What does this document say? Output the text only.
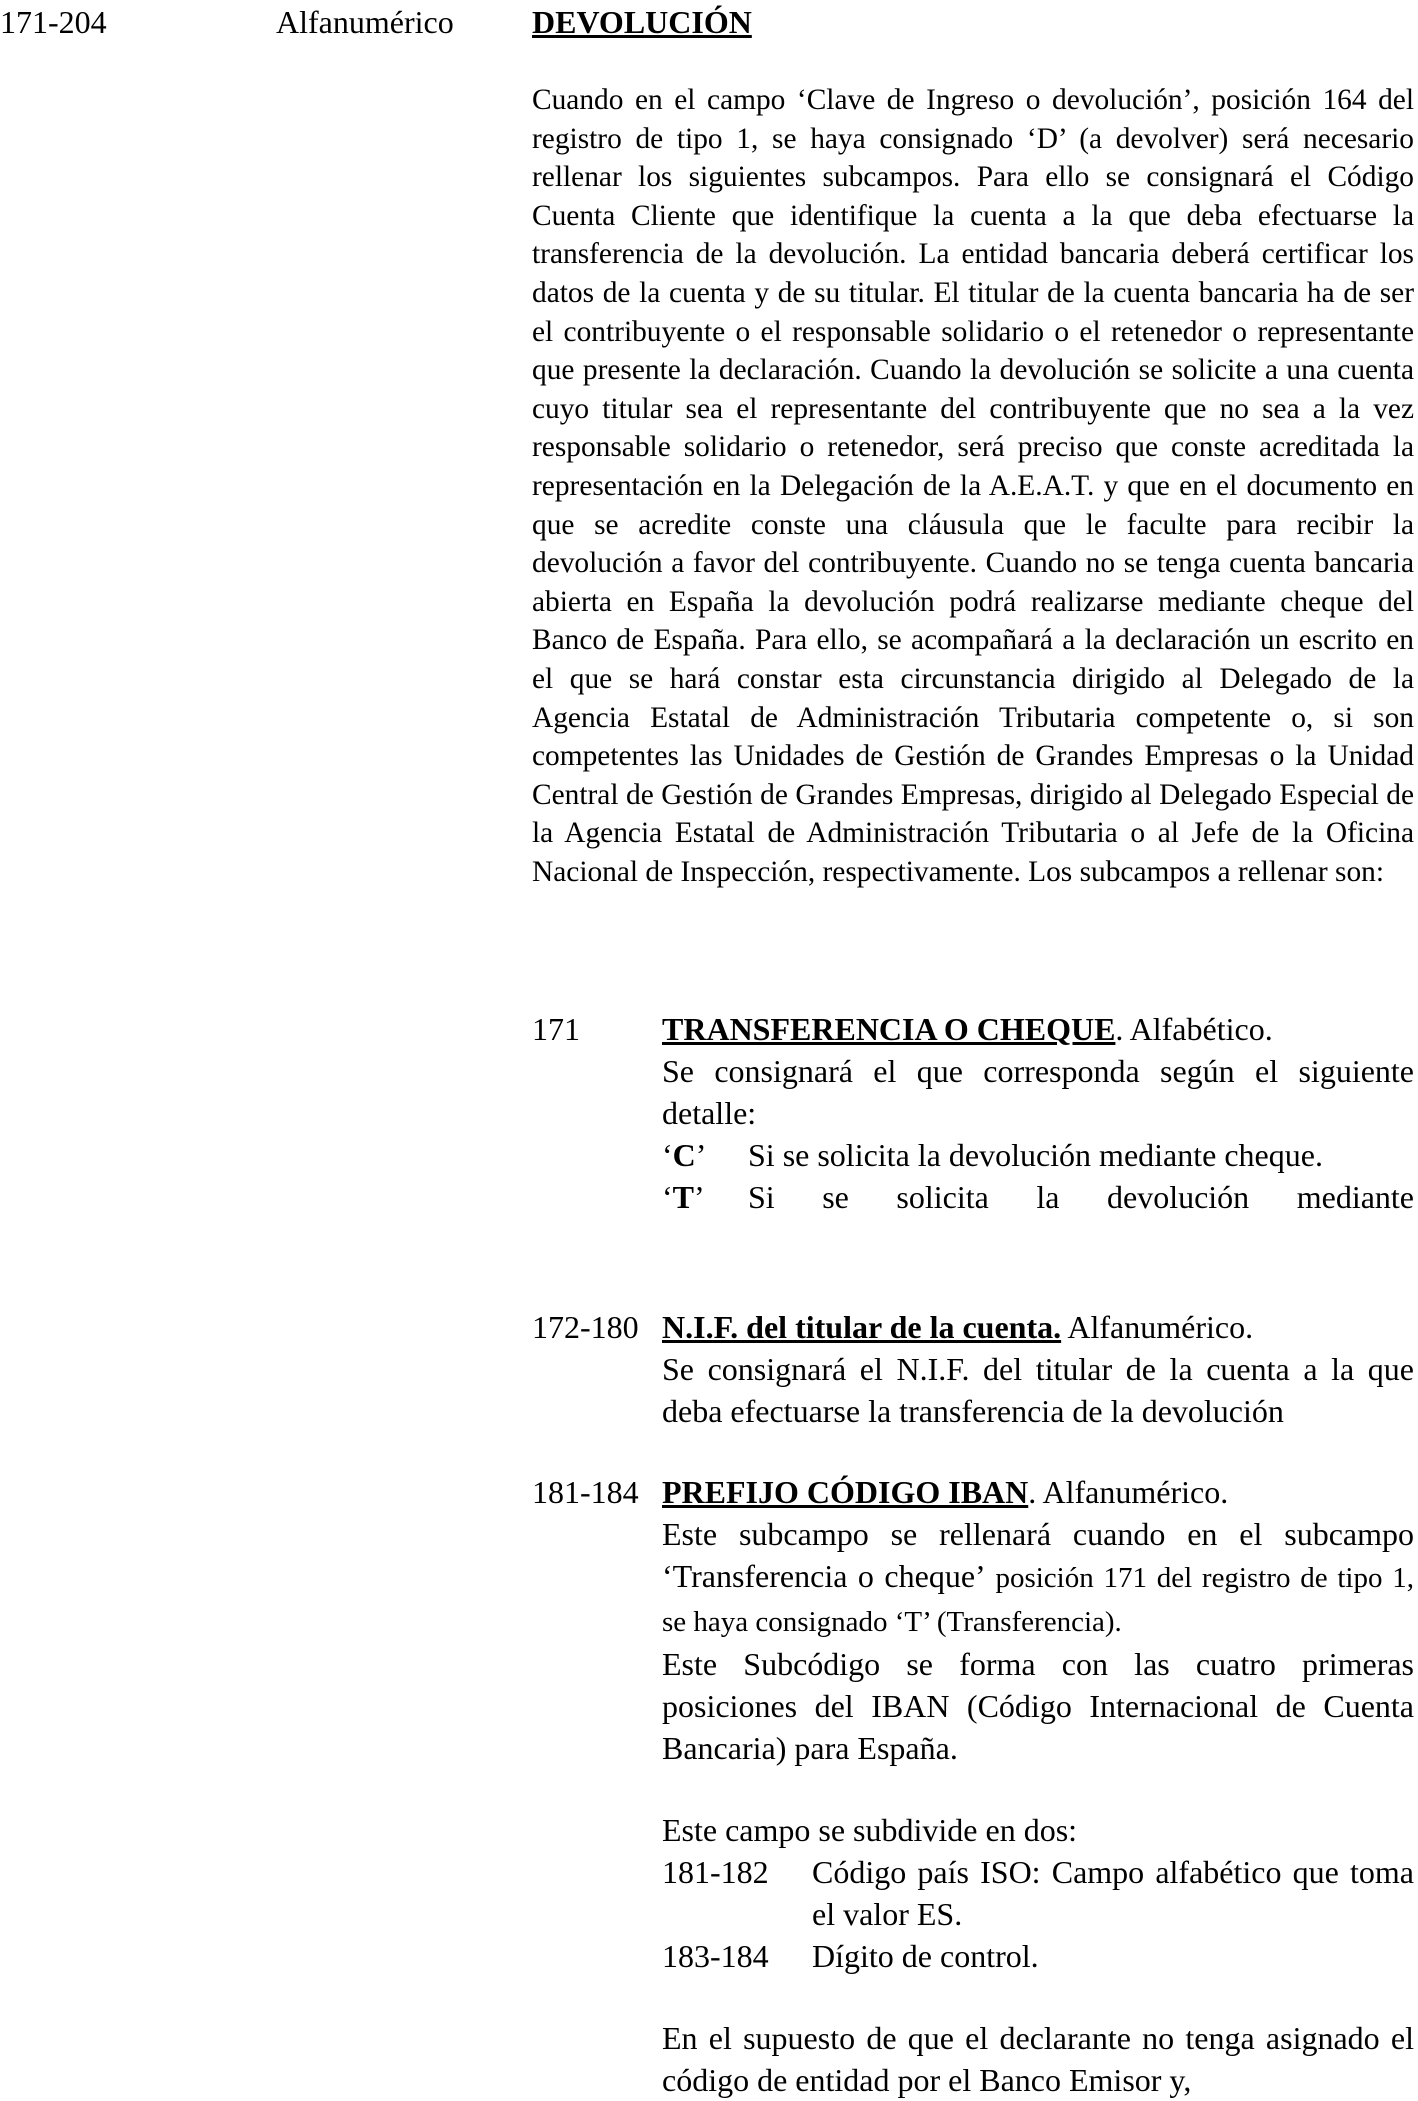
171-204	Alfanumérico DEVOLUCIÓN
Cuando en el campo ‘Clave de Ingreso o devolución’, posición 164 del registro de tipo 1, se haya consignado ‘D’ (a devolver) será necesario rellenar los siguientes subcampos. Para ello se consignará el Código Cuenta Cliente que identifique la cuenta a la que deba efectuarse la transferencia de la devolución. La entidad bancaria deberá certificar los datos de la cuenta y de su titular. El titular de la cuenta bancaria ha de ser el contribuyente o el responsable solidario o el retenedor o representante que presente la declaración. Cuando la devolución se solicite a una cuenta cuyo titular sea el representante del contribuyente que no sea a la vez responsable solidario o retenedor, será preciso que conste acreditada la representación en la Delegación de la A.E.A.T. y que en el documento en que se acredite conste una cláusula que le faculte para recibir la devolución a favor del contribuyente. Cuando no se tenga cuenta bancaria abierta en España la devolución podrá realizarse mediante cheque del Banco de España. Para ello, se acompañará a la declaración un escrito en el que se hará constar esta circunstancia dirigido al Delegado de la Agencia Estatal de Administración Tributaria competente o, si son competentes las Unidades de Gestión de Grandes Empresas o la Unidad Central de Gestión de Grandes Empresas, dirigido al Delegado Especial de la Agencia Estatal de Administración Tributaria o al Jefe de la Oficina Nacional de Inspección, respectivamente. Los subcampos a rellenar son:
171	TRANSFERENCIA O CHEQUE. Alfabético.
Se consignará el que corresponda según el siguiente detalle:
‘C’	Si se solicita la devolución mediante cheque.
‘T’	Si se solicita la devolución mediante
172-180 N.I.F. del titular de la cuenta. Alfanumérico.
Se consignará el N.I.F. del titular de la cuenta a la que deba efectuarse la transferencia de la devolución
181-184 PREFIJO CÓDIGO IBAN. Alfanumérico.
Este subcampo se rellenará cuando en el subcampo ‘Transferencia o cheque’ posición 171 del registro de tipo 1, se haya consignado ‘T’ (Transferencia).
Este Subcódigo se forma con las cuatro primeras posiciones del IBAN (Código Internacional de Cuenta Bancaria) para España.
Este campo se subdivide en dos:
181-182	Código país ISO: Campo alfabético que toma el valor ES.
183-184	Dígito de control.
En el supuesto de que el declarante no tenga asignado el código de entidad por el Banco Emisor y,
